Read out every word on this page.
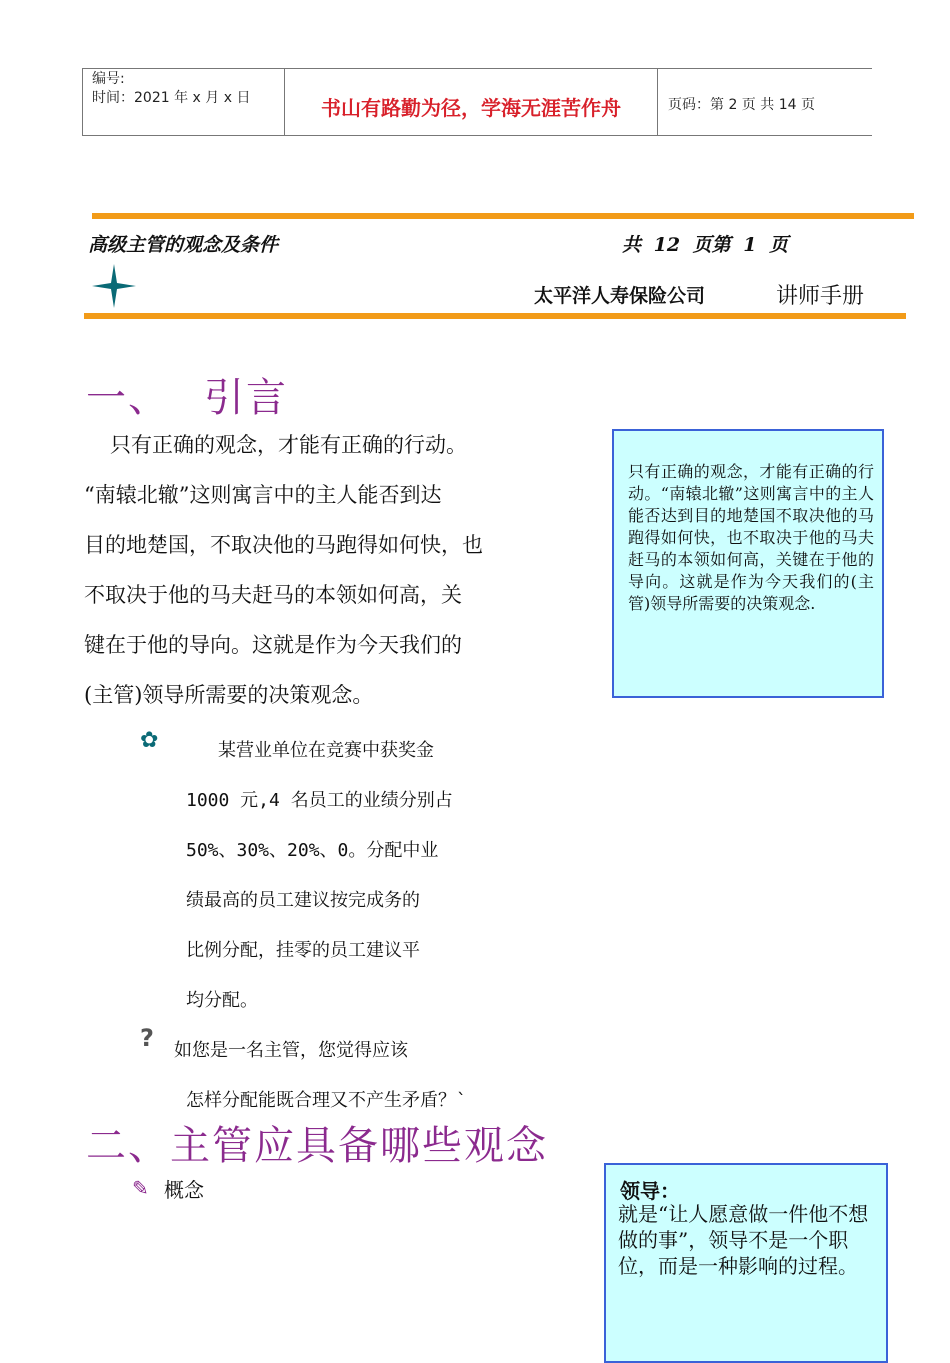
编号:
时间：2021 年 x 月 x 日	书山有路勤为径，学海无涯苦作舟	页码：第 2 页 共 14 页
高级主管的观念及条件	共 12 页第 1 页
太平洋人寿保险公司	讲师手册
一、 引言

只有正确的观念，才能有正确的行动。

“南辕北辙”这则寓言中的主人能否到达

目的地楚国，不取决他的马跑得如何快，也

不取决于他的马夫赶马的本领如何高，关

键在于他的导向。这就是作为今天我们的

(主管)领导所需要的决策观念。

只有正确的观念，才能有正确的行动。“南辕北辙”这则寓言中的主人能否达到目的地楚国不取决他的马跑得如何快，也不取决于他的马夫赶马的本领如何高，关键在于他的导向。这就是作为今天我们的(主管)领导所需要的决策观念.
✿	某营业单位在竞赛中获奖金
1000 元,4 名员工的业绩分别占
50%、30%、20%、0。分配中业
绩最高的员工建议按完成务的
比例分配，挂零的员工建议平
均分配。
? 如您是一名主管，您觉得应该
怎样分配能既合理又不产生矛盾？`
二、主管应具备哪些观念
✎ 概念	领导：
就是“让人愿意做一件他不想 做的事”，领导不是一个职位，而是一种影响的过程。
